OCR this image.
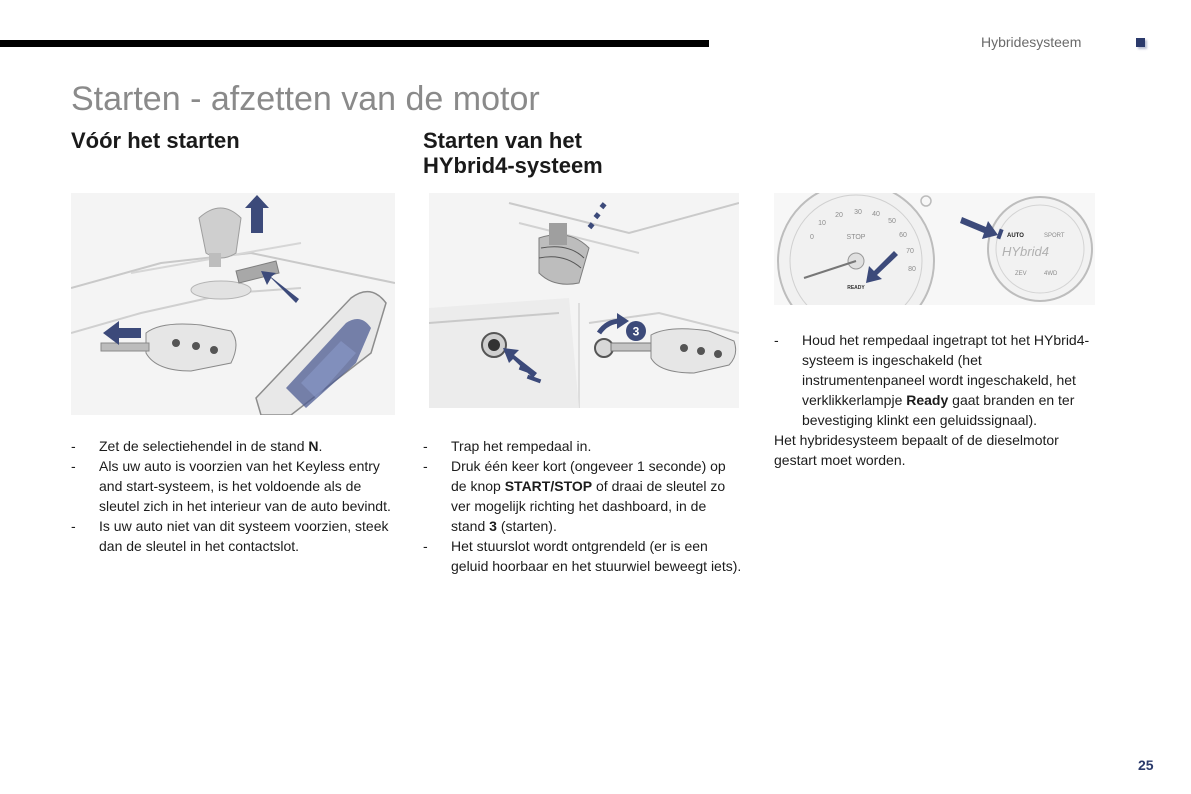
Hybridesysteem
Starten - afzetten van de motor
Vóór het starten
- Zet de selectiehendel in de stand N.
- Als uw auto is voorzien van het Keyless entry and start-systeem, is het voldoende als de sleutel zich in het interieur van de auto bevindt.
- Is uw auto niet van dit systeem voorzien, steek dan de sleutel in het contactslot.
Starten van het
HYbrid4-systeem
3
- Trap het rempedaal in.
- Druk één keer kort (ongeveer 1 seconde) op de knop START/STOP of draai de sleutel zo ver mogelijk richting het dashboard, in de stand 3 (starten).
- Het stuurslot wordt ontgrendeld (er is een geluid hoorbaar en het stuurwiel beweegt iets).
20 30 40
50
60
70
80
10
0	STOP
READY
AUTO	SPORT
ZEV	4WD
HYbrid4
- Houd het rempedaal ingetrapt tot het HYbrid4-systeem is ingeschakeld (het instrumentenpaneel wordt ingeschakeld, het verklikkerlampje Ready gaat branden en ter bevestiging klinkt een geluidssignaal).

Het hybridesysteem bepaalt of de dieselmotor gestart moet worden.

25
